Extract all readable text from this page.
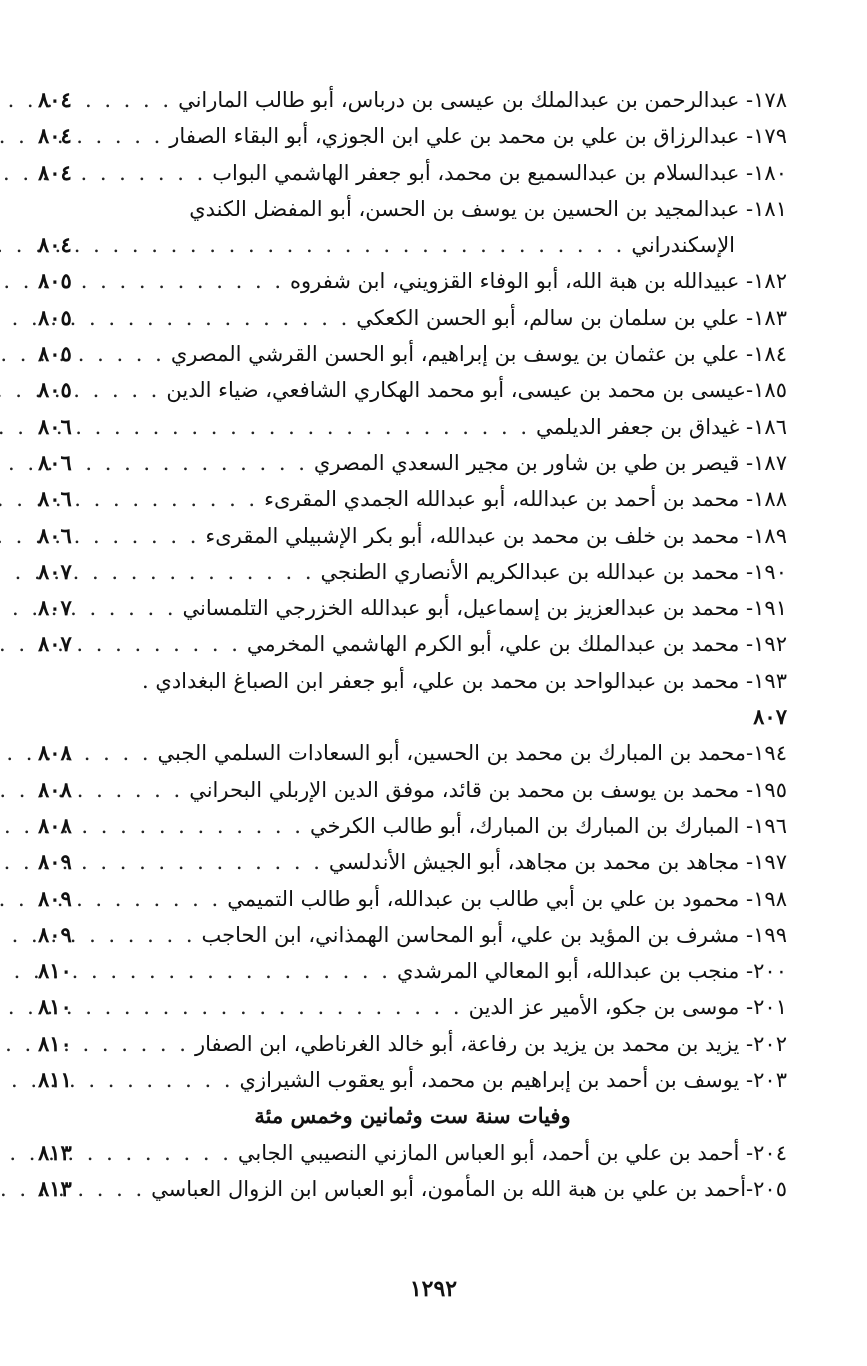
١٧٨- عبدالرحمن بن عبدالملك بن عيسى بن درباس، أبو طالب الماراني
. . .
٨٠٤
١٧٩- عبدالرزاق بن علي بن محمد بن علي ابن الجوزي، أبو البقاء الصفار
. . .
٨٠٤
١٨٠- عبدالسلام بن عبدالسميع بن محمد، أبو جعفر الهاشمي البواب
. . .
٨٠٤
١٨١- عبدالمجيد بن الحسين بن يوسف بن الحسن، أبو المفضل الكندي
الإسكندراني
. . .
٨٠٤
١٨٢- عبيدالله بن هبة الله، أبو الوفاء القزويني، ابن شفروه
. . .
٨٠٥
١٨٣- علي بن سلمان بن سالم، أبو الحسن الكعكي
. . .
٨٠٥
١٨٤- علي بن عثمان بن يوسف بن إبراهيم، أبو الحسن القرشي المصري
. . .
٨٠٥
١٨٥-عيسى بن محمد بن عيسى، أبو محمد الهكاري الشافعي، ضياء الدين
. . .
٨٠٥
١٨٦- غيداق بن جعفر الديلمي
. . .
٨٠٦
١٨٧- قيصر بن طي بن شاور بن مجير السعدي المصري
. . .
٨٠٦
١٨٨- محمد بن أحمد بن عبدالله، أبو عبدالله الجمدي المقرىء
. . .
٨٠٦
١٨٩- محمد بن خلف بن محمد بن عبدالله، أبو بكر الإشبيلي المقرىء
. . .
٨٠٦
١٩٠- محمد بن عبدالله بن عبدالكريم الأنصاري الطنجي
. . .
٨٠٧
١٩١- محمد بن عبدالعزيز بن إسماعيل، أبو عبدالله الخزرجي التلمساني
. . .
٨٠٧
١٩٢- محمد بن عبدالملك بن علي، أبو الكرم الهاشمي المخرمي
. . .
٨٠٧
١٩٣- محمد بن عبدالواحد بن محمد بن علي، أبو جعفر ابن الصباغ البغدادي .
٨٠٧
١٩٤-محمد بن المبارك بن محمد بن الحسين، أبو السعادات السلمي الجبي
. . .
٨٠٨
١٩٥- محمد بن يوسف بن محمد بن قائد، موفق الدين الإربلي البحراني
. . .
٨٠٨
١٩٦- المبارك بن المبارك بن المبارك، أبو طالب الكرخي
. . .
٨٠٨
١٩٧- مجاهد بن محمد بن مجاهد، أبو الجيش الأندلسي
. . .
٨٠٩
١٩٨- محمود بن علي بن أبي طالب بن عبدالله، أبو طالب التميمي
. . .
٨٠٩
١٩٩- مشرف بن المؤيد بن علي، أبو المحاسن الهمذاني، ابن الحاجب
. . .
٨٠٩
٢٠٠- منجب بن عبدالله، أبو المعالي المرشدي
. . .
٨١٠
٢٠١- موسى بن جكو، الأمير عز الدين
. . .
٨١٠
٢٠٢- يزيد بن محمد بن يزيد بن رفاعة، أبو خالد الغرناطي، ابن الصفار
. . .
٨١٠
٢٠٣- يوسف بن أحمد بن إبراهيم بن محمد، أبو يعقوب الشيرازي
. . .
٨١١
وفيات سنة ست وثمانين وخمس مئة
٢٠٤- أحمد بن علي بن أحمد، أبو العباس المازني النصيبي الجابي
. . .
٨١٣
٢٠٥-أحمد بن علي بن هبة الله بن المأمون، أبو العباس ابن الزوال العباسي
. . .
٨١٣
١٢٩٢
